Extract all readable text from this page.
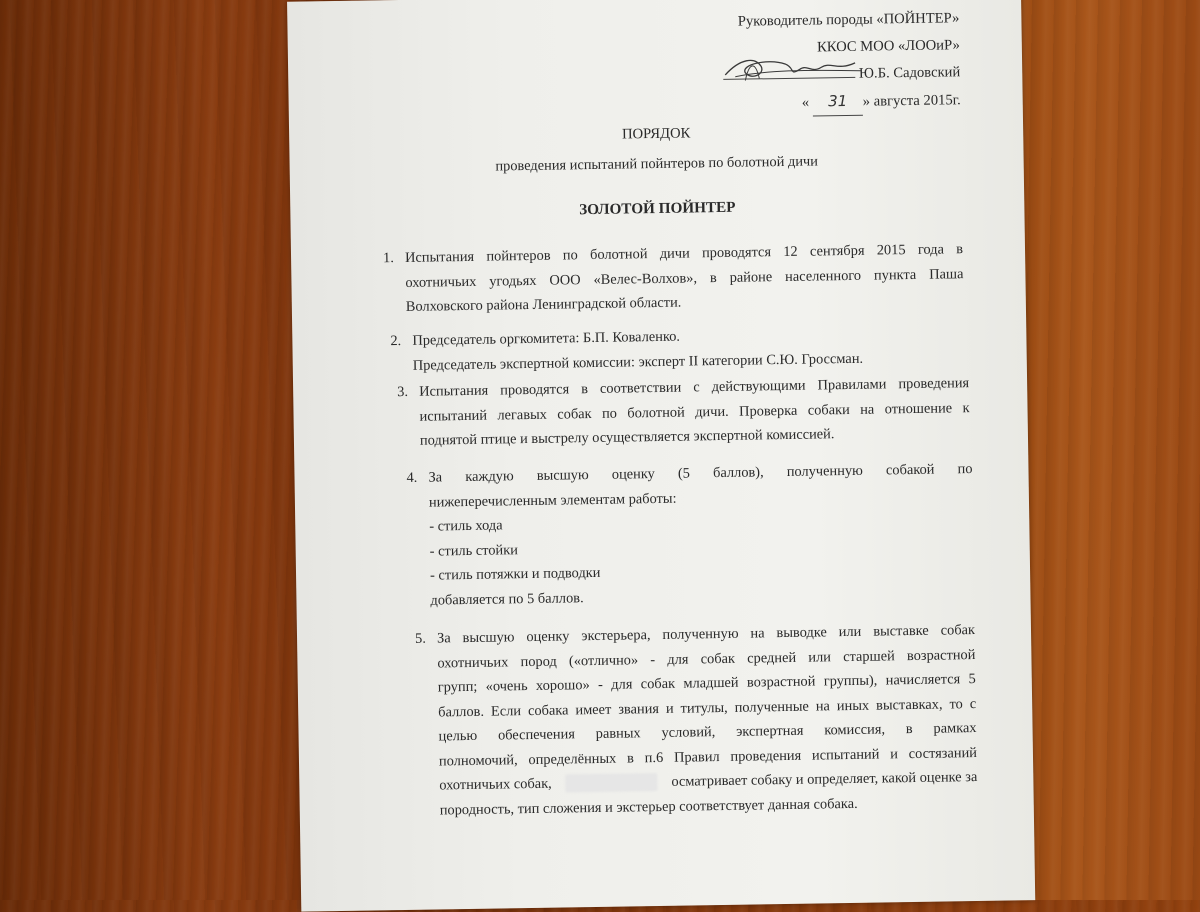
Руководитель породы «ПОЙНТЕР»
ККОС МОО «ЛООиР»
Ю.Б. Садовский
« 31 » августа 2015г.
ПОРЯДОК
проведения испытаний пойнтеров по болотной дичи
ЗОЛОТОЙ ПОЙНТЕР
1. Испытания пойнтеров по болотной дичи проводятся 12 сентября 2015 года в
охотничьих угодьях ООО «Велес-Волхов», в районе населенного пункта Паша
Волховского района Ленинградской области.
2. Председатель оргкомитета: Б.П. Коваленко.
Председатель экспертной комиссии: эксперт II категории С.Ю. Гроссман.
3. Испытания проводятся в соответствии с действующими Правилами проведения
испытаний легавых собак по болотной дичи. Проверка собаки на отношение к
поднятой птице и выстрелу осуществляется экспертной комиссией.
4. За каждую высшую оценку (5 баллов), полученную собакой по
нижеперечисленным элементам работы:
- стиль хода
- стиль стойки
- стиль потяжки и подводки
добавляется по 5 баллов.
5. За высшую оценку экстерьера, полученную на выводке или выставке собак
охотничьих пород («отлично» - для собак средней или старшей возрастной
групп; «очень хорошо» - для собак младшей возрастной группы), начисляется 5
баллов. Если собака имеет звания и титулы, полученные на иных выставках, то с
целью обеспечения равных условий, экспертная комиссия, в рамках
полномочий, определённых в п.6 Правил проведения испытаний и состязаний
охотничьих собак,	осматривает собаку и определяет, какой оценке за
породность, тип сложения и экстерьер соответствует данная собака.
